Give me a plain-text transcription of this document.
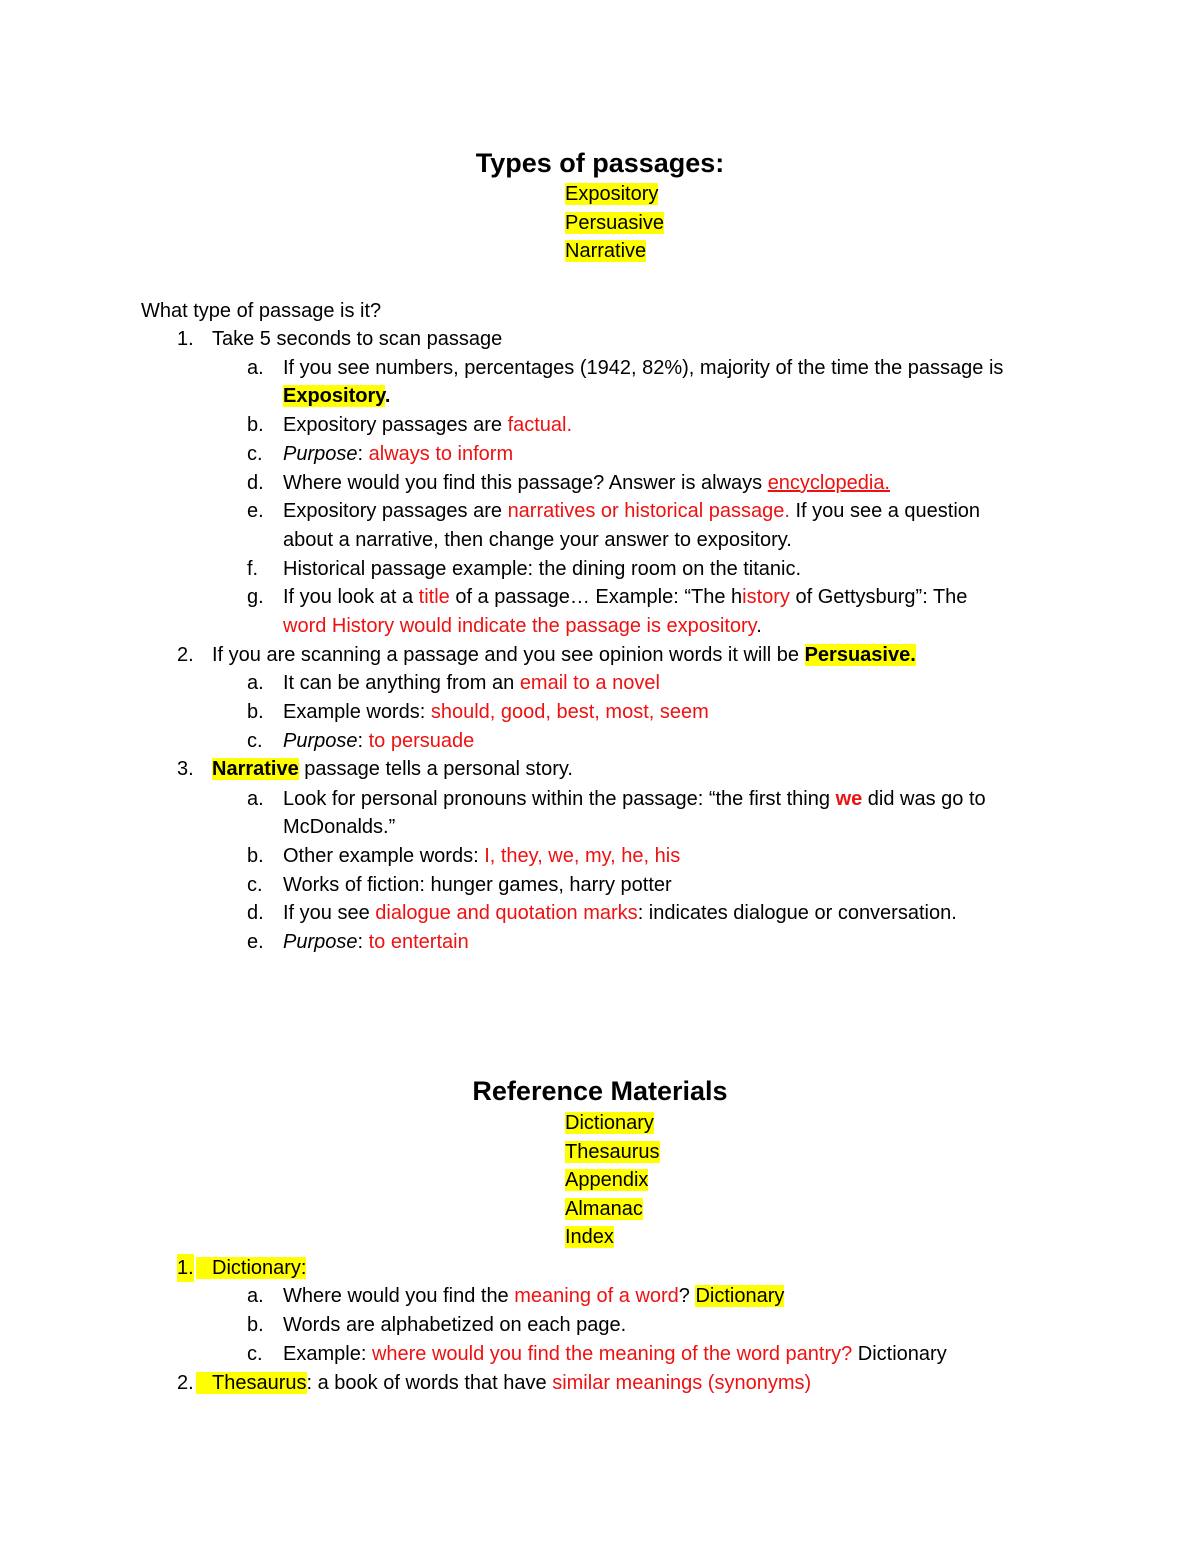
Types of passages:
Expository
Persuasive
Narrative
What type of passage is it?
1. Take 5 seconds to scan passage
a. If you see numbers, percentages (1942, 82%), majority of the time the passage is
Expository.
b. Expository passages are factual.
c. Purpose: always to inform
d. Where would you find this passage? Answer is always encyclopedia.
e. Expository passages are narratives or historical passage. If you see a question
about a narrative, then change your answer to expository.
f. Historical passage example: the dining room on the titanic.
g. If you look at a title of a passage… Example: “The history of Gettysburg”: The
word History would indicate the passage is expository.
2. If you are scanning a passage and you see opinion words it will be Persuasive.
a. It can be anything from an email to a novel
b. Example words: should, good, best, most, seem
c. Purpose: to persuade
3. Narrative passage tells a personal story.
a. Look for personal pronouns within the passage: “the first thing we did was go to
McDonalds.”
b. Other example words: I, they, we, my, he, his
c. Works of fiction: hunger games, harry potter
d. If you see dialogue and quotation marks: indicates dialogue or conversation.
e. Purpose: to entertain
Reference Materials
Dictionary
Thesaurus
Appendix
Almanac
Index
1. Dictionary:
a. Where would you find the meaning of a word? Dictionary
b. Words are alphabetized on each page.
c. Example: where would you find the meaning of the word pantry? Dictionary
2. Thesaurus: a book of words that have similar meanings (synonyms)
